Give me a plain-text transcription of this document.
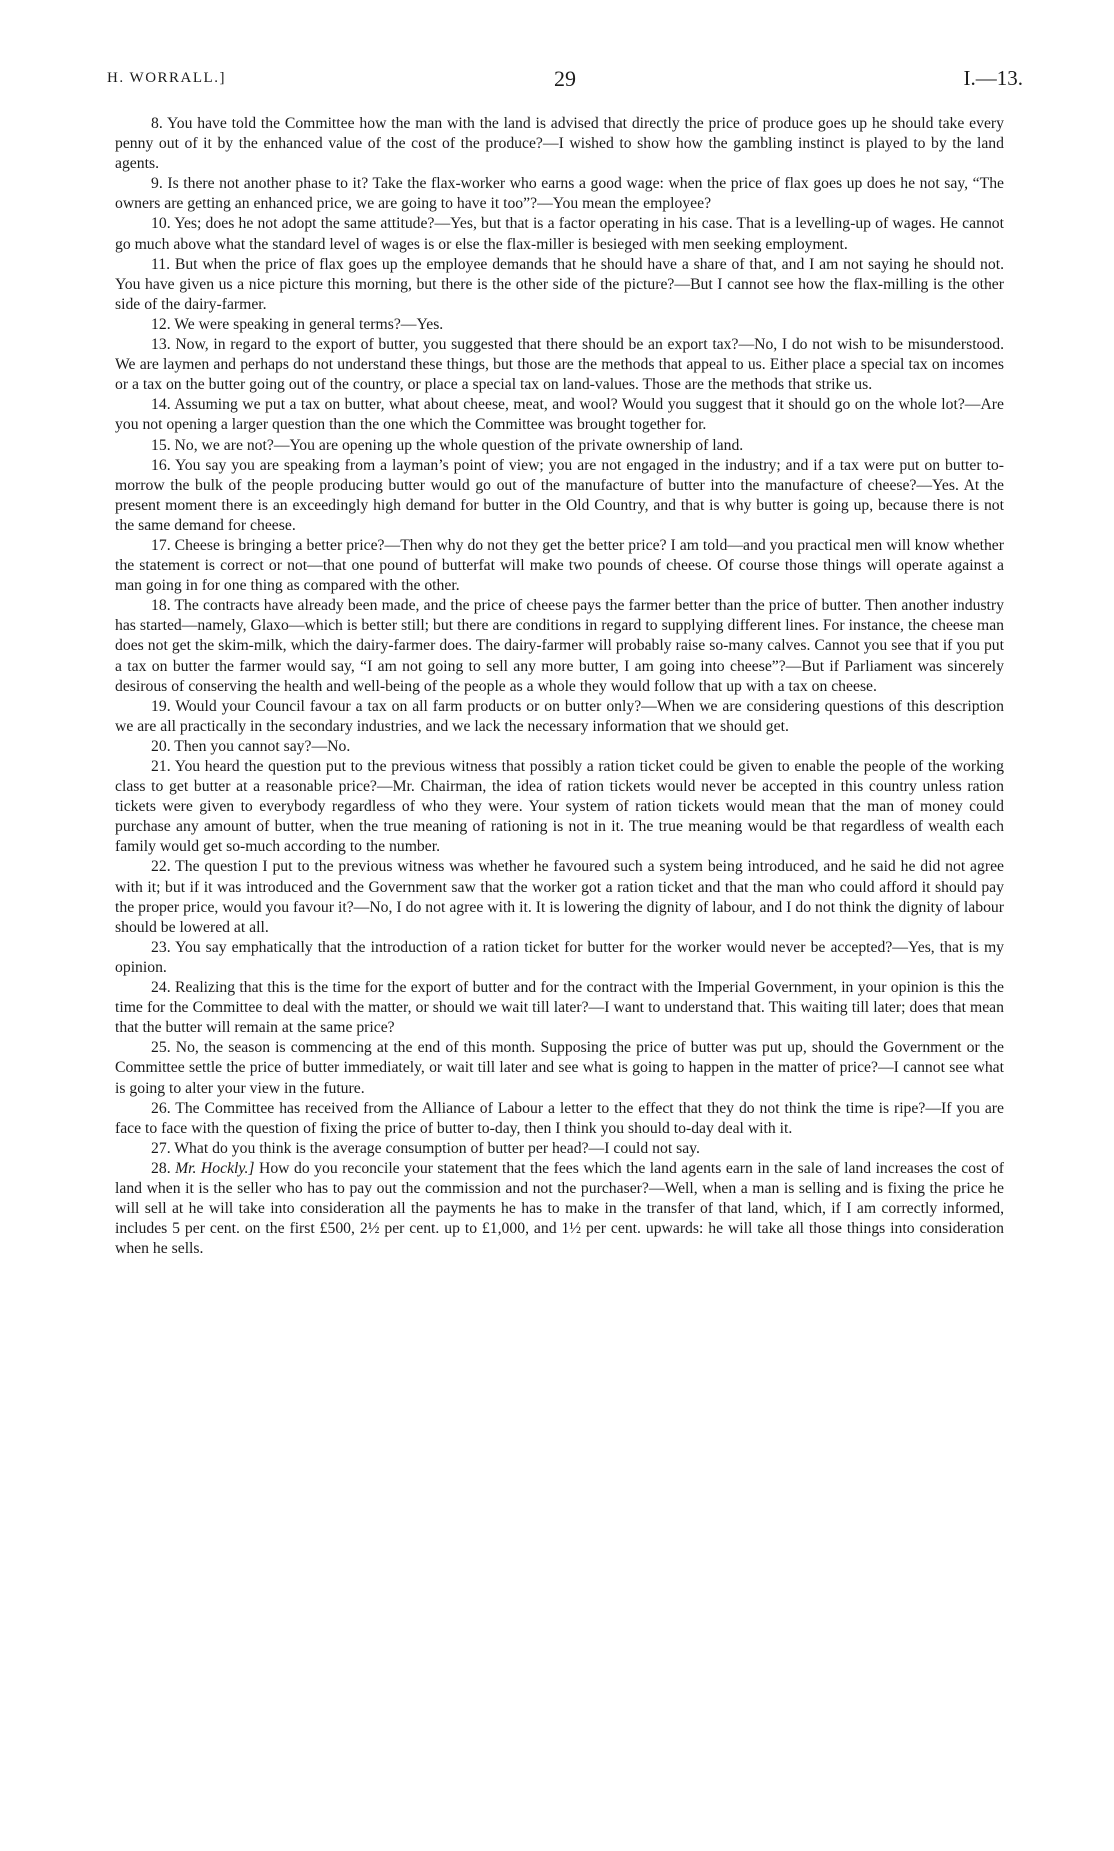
H. WORRALL.]	29	I.—13.

8. You have told the Committee how the man with the land is advised that directly the price of produce goes up he should take every penny out of it by the enhanced value of the cost of the produce?—I wished to show how the gambling instinct is played to by the land agents.

9. Is there not another phase to it? Take the flax-worker who earns a good wage: when the price of flax goes up does he not say, “The owners are getting an enhanced price, we are going to have it too”?—You mean the employee?

10. Yes; does he not adopt the same attitude?—Yes, but that is a factor operating in his case. That is a levelling-up of wages. He cannot go much above what the standard level of wages is or else the flax-miller is besieged with men seeking employment.

11. But when the price of flax goes up the employee demands that he should have a share of that, and I am not saying he should not. You have given us a nice picture this morning, but there is the other side of the picture?—But I cannot see how the flax-milling is the other side of the dairy-farmer.

12. We were speaking in general terms?—Yes.

13. Now, in regard to the export of butter, you suggested that there should be an export tax?—No, I do not wish to be misunderstood. We are laymen and perhaps do not understand these things, but those are the methods that appeal to us. Either place a special tax on incomes or a tax on the butter going out of the country, or place a special tax on land-values. Those are the methods that strike us.

14. Assuming we put a tax on butter, what about cheese, meat, and wool? Would you suggest that it should go on the whole lot?—Are you not opening a larger question than the one which the Committee was brought together for.

15. No, we are not?—You are opening up the whole question of the private ownership of land.

16. You say you are speaking from a layman’s point of view; you are not engaged in the industry; and if a tax were put on butter to-morrow the bulk of the people producing butter would go out of the manufacture of butter into the manufacture of cheese?—Yes. At the present moment there is an exceedingly high demand for butter in the Old Country, and that is why butter is going up, because there is not the same demand for cheese.

17. Cheese is bringing a better price?—Then why do not they get the better price? I am told—and you practical men will know whether the statement is correct or not—that one pound of butterfat will make two pounds of cheese. Of course those things will operate against a man going in for one thing as compared with the other.

18. The contracts have already been made, and the price of cheese pays the farmer better than the price of butter. Then another industry has started—namely, Glaxo—which is better still; but there are conditions in regard to supplying different lines. For instance, the cheese man does not get the skim-milk, which the dairy-farmer does. The dairy-farmer will probably raise so-many calves. Cannot you see that if you put a tax on butter the farmer would say, “I am not going to sell any more butter, I am going into cheese”?—But if Parliament was sincerely desirous of conserving the health and well-being of the people as a whole they would follow that up with a tax on cheese.

19. Would your Council favour a tax on all farm products or on butter only?—When we are considering questions of this description we are all practically in the secondary industries, and we lack the necessary information that we should get.

20. Then you cannot say?—No.

21. You heard the question put to the previous witness that possibly a ration ticket could be given to enable the people of the working class to get butter at a reasonable price?—Mr. Chairman, the idea of ration tickets would never be accepted in this country unless ration tickets were given to everybody regardless of who they were. Your system of ration tickets would mean that the man of money could purchase any amount of butter, when the true meaning of rationing is not in it. The true meaning would be that regardless of wealth each family would get so-much according to the number.

22. The question I put to the previous witness was whether he favoured such a system being introduced, and he said he did not agree with it; but if it was introduced and the Government saw that the worker got a ration ticket and that the man who could afford it should pay the proper price, would you favour it?—No, I do not agree with it. It is lowering the dignity of labour, and I do not think the dignity of labour should be lowered at all.

23. You say emphatically that the introduction of a ration ticket for butter for the worker would never be accepted?—Yes, that is my opinion.

24. Realizing that this is the time for the export of butter and for the contract with the Imperial Government, in your opinion is this the time for the Committee to deal with the matter, or should we wait till later?—I want to understand that. This waiting till later; does that mean that the butter will remain at the same price?

25. No, the season is commencing at the end of this month. Supposing the price of butter was put up, should the Government or the Committee settle the price of butter immediately, or wait till later and see what is going to happen in the matter of price?—I cannot see what is going to alter your view in the future.

26. The Committee has received from the Alliance of Labour a letter to the effect that they do not think the time is ripe?—If you are face to face with the question of fixing the price of butter to-day, then I think you should to-day deal with it.

27. What do you think is the average consumption of butter per head?—I could not say.

28. Mr. Hockly.] How do you reconcile your statement that the fees which the land agents earn in the sale of land increases the cost of land when it is the seller who has to pay out the commission and not the purchaser?—Well, when a man is selling and is fixing the price he will sell at he will take into consideration all the payments he has to make in the transfer of that land, which, if I am correctly informed, includes 5 per cent. on the first £500, 2½ per cent. up to £1,000, and 1½ per cent. upwards: he will take all those things into consideration when he sells.
